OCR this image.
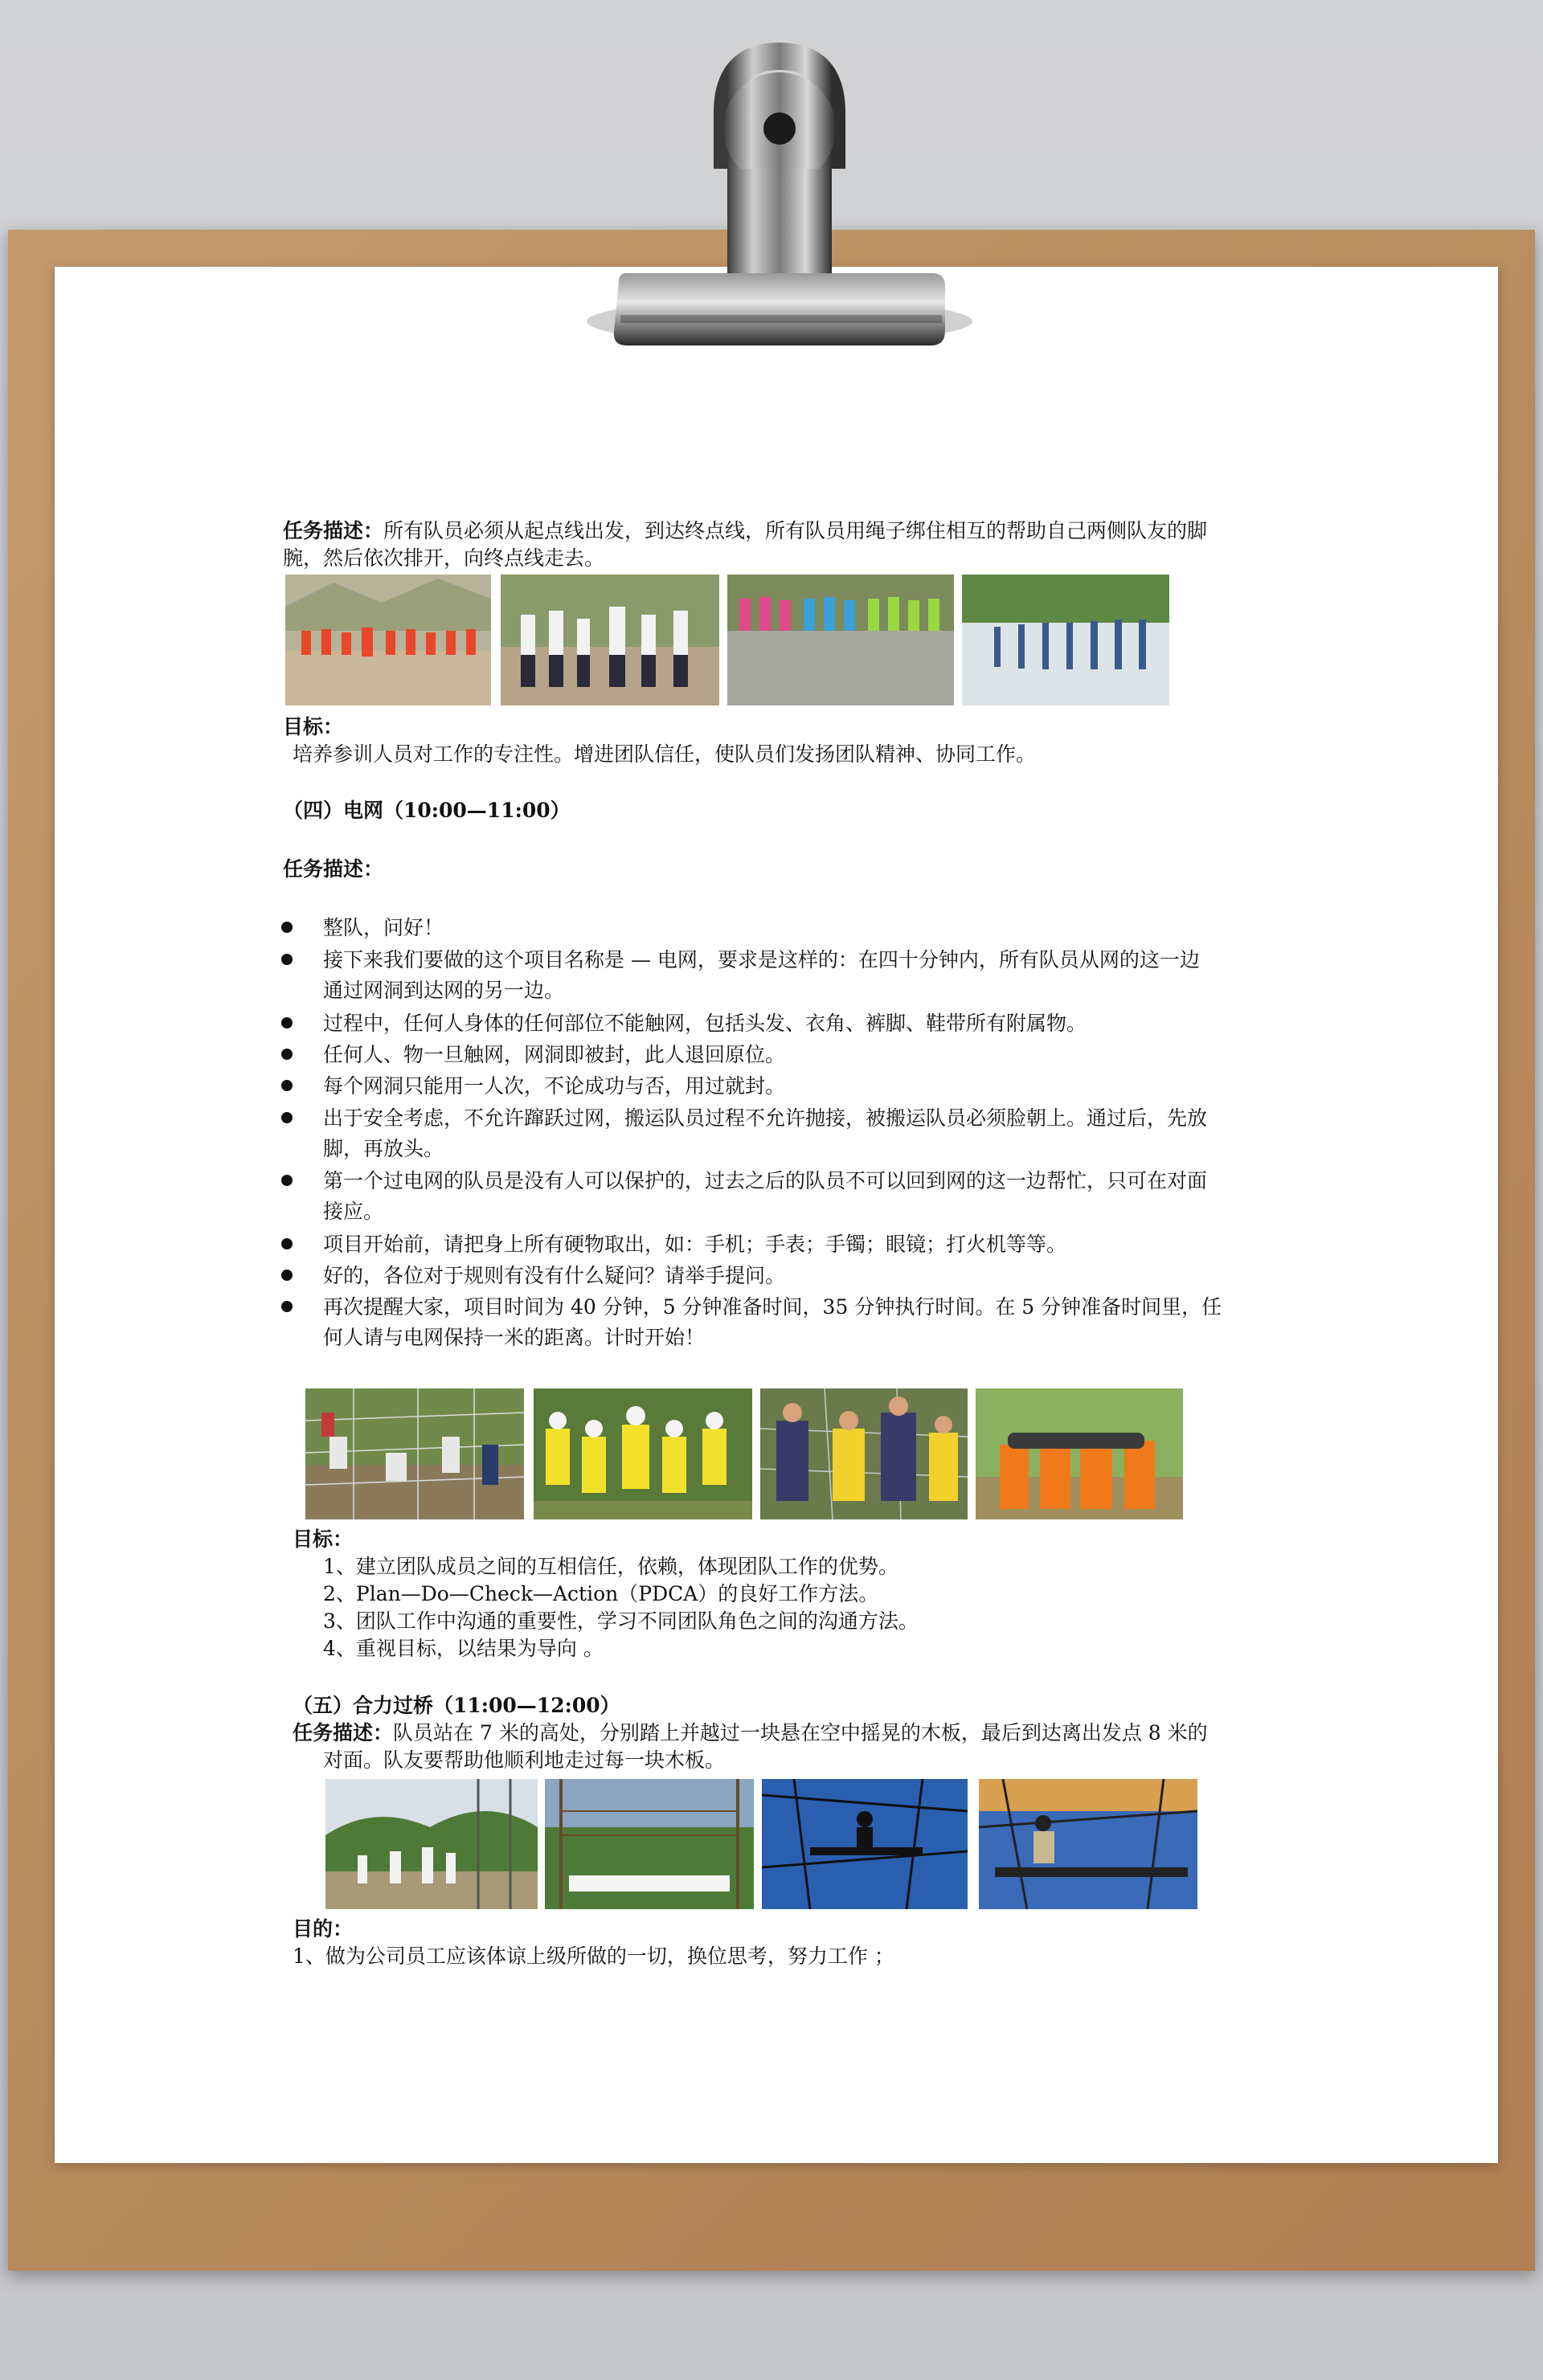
任务描述：所有队员必须从起点线出发，到达终点线，所有队员用绳子绑住相互的帮助自己两侧队友的脚
腕，然后依次排开，向终点线走去。
目标：
培养参训人员对工作的专注性。增进团队信任，使队员们发扬团队精神、协同工作。
（四）电网（10:00—11:00）
任务描述：
整队，问好！
接下来我们要做的这个项目名称是 — 电网，要求是这样的：在四十分钟内，所有队员从网的这一边
通过网洞到达网的另一边。
过程中，任何人身体的任何部位不能触网，包括头发、衣角、裤脚、鞋带所有附属物。
任何人、物一旦触网，网洞即被封，此人退回原位。
每个网洞只能用一人次，不论成功与否，用过就封。
出于安全考虑，不允许蹿跃过网，搬运队员过程不允许抛接，被搬运队员必须脸朝上。通过后，先放
脚，再放头。
第一个过电网的队员是没有人可以保护的，过去之后的队员不可以回到网的这一边帮忙，只可在对面
接应。
项目开始前，请把身上所有硬物取出，如：手机；手表；手镯；眼镜；打火机等等。
好的，各位对于规则有没有什么疑问？请举手提问。
再次提醒大家，项目时间为 40 分钟，5 分钟准备时间，35 分钟执行时间。在 5 分钟准备时间里，任
何人请与电网保持一米的距离。计时开始！
目标：
1、建立团队成员之间的互相信任，依赖，体现团队工作的优势。
2、Plan—Do—Check—Action（PDCA）的良好工作方法。
3、团队工作中沟通的重要性，学习不同团队角色之间的沟通方法。
4、重视目标，以结果为导向 。
（五）合力过桥（11:00—12:00）
任务描述：队员站在 7 米的高处，分别踏上并越过一块悬在空中摇晃的木板，最后到达离出发点 8 米的
对面。队友要帮助他顺利地走过每一块木板。
目的：
1、做为公司员工应该体谅上级所做的一切，换位思考，努力工作 ；
